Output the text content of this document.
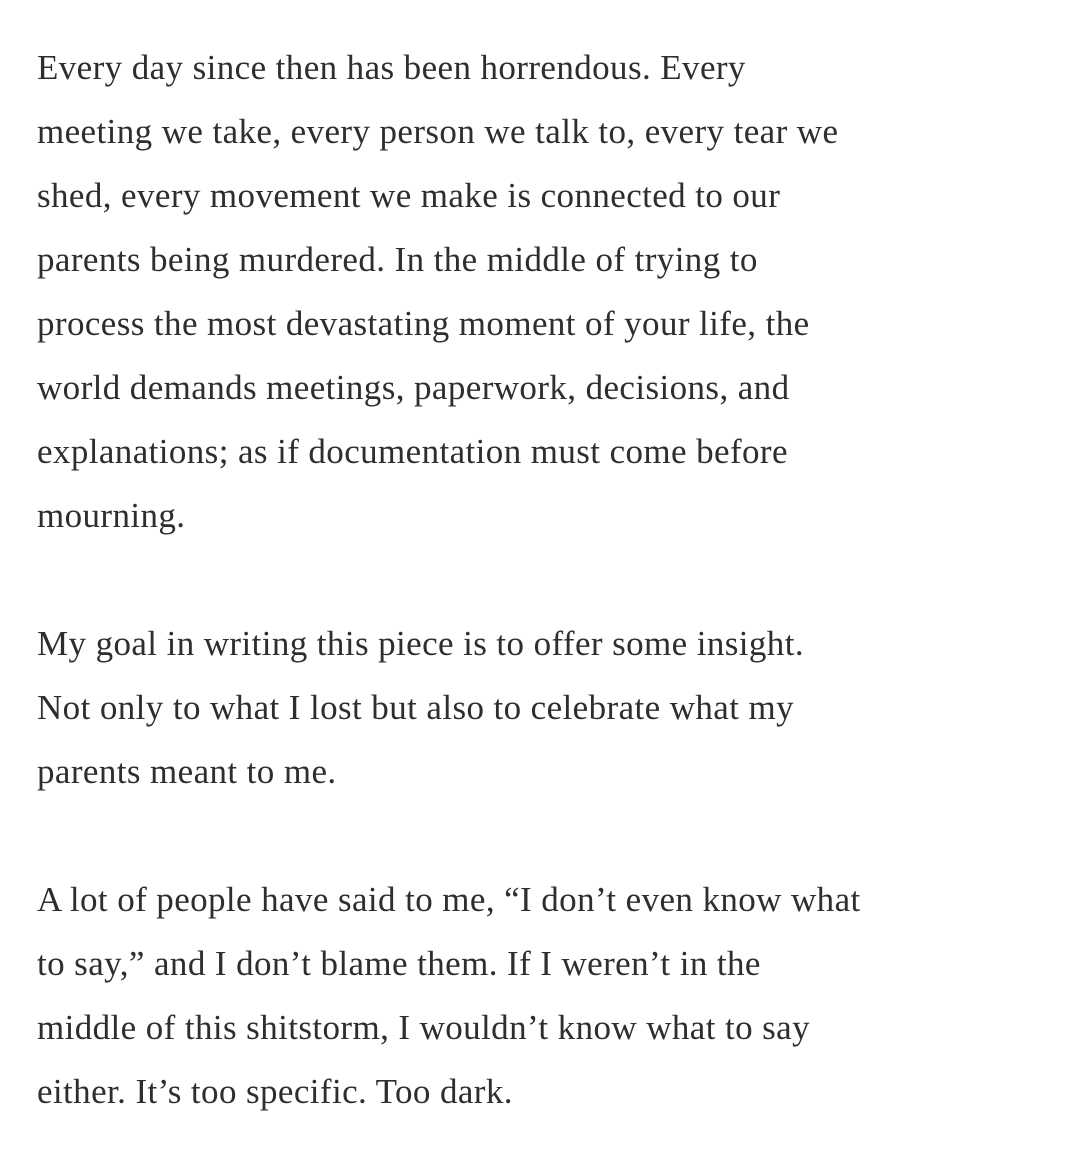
Every day since then has been horrendous. Every
meeting we take, every person we talk to, every tear we
shed, every movement we make is connected to our
parents being murdered. In the middle of trying to
process the most devastating moment of your life, the
world demands meetings, paperwork, decisions, and
explanations; as if documentation must come before
mourning.
My goal in writing this piece is to offer some insight.
Not only to what I lost but also to celebrate what my
parents meant to me.
A lot of people have said to me, “I don’t even know what
to say,” and I don’t blame them. If I weren’t in the
middle of this shitstorm, I wouldn’t know what to say
either. It’s too specific. Too dark.
